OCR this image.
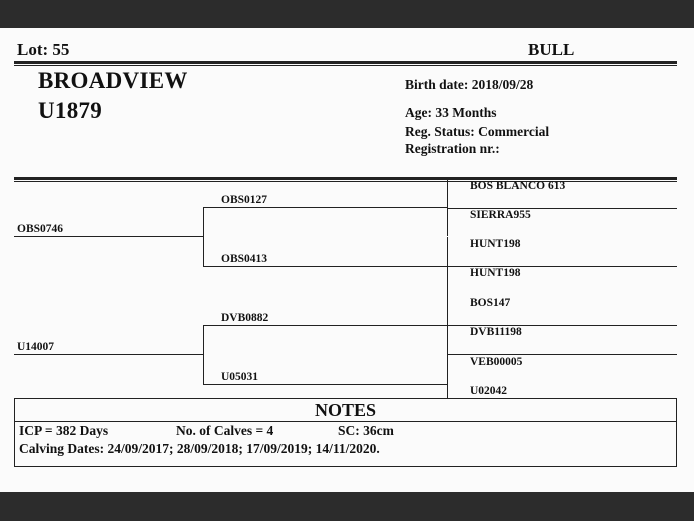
Lot: 55	BULL
BROADVIEW
U1879
Birth date: 2018/09/28
Age: 33 Months
Reg. Status: Commercial
Registration nr.:
OBS0746
U14007
OBS0127
OBS0413
DVB0882
U05031
BOS BLANCO 613
SIERRA955
HUNT198
HUNT198
BOS147
DVB11198
VEB00005
U02042
NOTES
ICP = 382 Days	No. of Calves = 4	SC: 36cm
Calving Dates: 24/09/2017; 28/09/2018; 17/09/2019; 14/11/2020.
